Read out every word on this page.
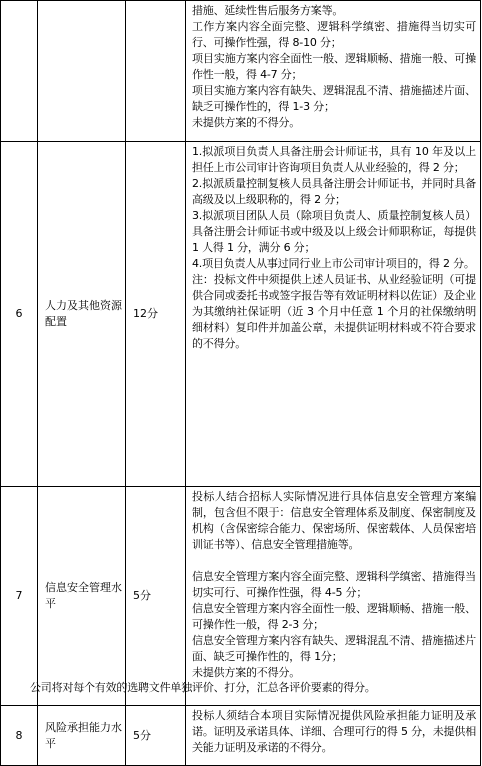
			措施、延续性售后服务方案等。

工作方案内容全面完整、逻辑科学缜密、措施得当切实可行、可操作性强，得 8-10 分；

项目实施方案内容全面性一般、逻辑顺畅、措施一般、可操作性一般，得 4-7 分；

项目实施方案内容有缺失、逻辑混乱不清、措施描述片面、缺乏可操作性的，得 1-3 分；

未提供方案的不得分。

6	人力及其他资源配置	12分	1.拟派项目负责人具备注册会计师证书，具有 10 年及以上担任上市公司审计咨询项目负责人从业经验的，得 2 分；

2.拟派质量控制复核人员具备注册会计师证书，并同时具备高级及以上级职称的，得 2 分；

3.拟派项目团队人员（除项目负责人、质量控制复核人员）具备注册会计师证书或中级及以上级会计师职称证，每提供 1 人得 1 分，满分 6 分；

4.项目负责人从事过同行业上市公司审计项目的，得 2 分。

注：投标文件中须提供上述人员证书、从业经验证明（可提供合同或委托书或签字报告等有效证明材料以佐证）及企业为其缴纳社保证明（近 3 个月中任意 1 个月的社保缴纳明细材料）复印件并加盖公章，未提供证明材料或不符合要求的不得分。

7	信息安全管理水平	5分	投标人结合招标人实际情况进行具体信息安全管理方案编制，包含但不限于：信息安全管理体系及制度、保密制度及机构（含保密综合能力、保密场所、保密载体、人员保密培训证书等）、信息安全管理措施等。

信息安全管理方案内容全面完整、逻辑科学缜密、措施得当切实可行、可操作性强，得 4-5 分；

信息安全管理方案内容全面性一般、逻辑顺畅、措施一般、可操作性一般，得 2-3 分；

信息安全管理方案内容有缺失、逻辑混乱不清、措施描述片面、缺乏可操作性的，得 1分；

未提供方案的不得分。

8	风险承担能力水平	5分	投标人须结合本项目实际情况提供风险承担能力证明及承诺。证明及承诺具体、详细、合理可行的得 5 分，未提供相关能力证明及承诺的不得分。

公司将对每个有效的选聘文件单独评价、打分，汇总各评价要素的得分。
